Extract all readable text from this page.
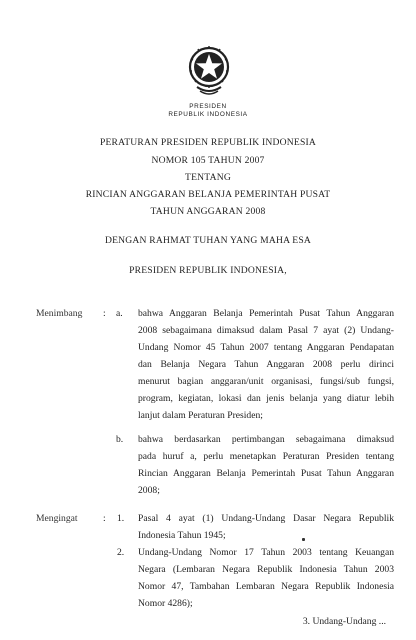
PRESIDEN
REPUBLIK INDONESIA
PERATURAN PRESIDEN REPUBLIK INDONESIA
NOMOR 105 TAHUN 2007
TENTANG
RINCIAN ANGGARAN BELANJA PEMERINTAH PUSAT
TAHUN ANGGARAN 2008
DENGAN RAHMAT TUHAN YANG MAHA ESA
PRESIDEN REPUBLIK INDONESIA,
Menimbang : a. bahwa Anggaran Belanja Pemerintah Pusat Tahun Anggaran
2008 sebagaimana dimaksud dalam Pasal 7 ayat (2) Undang-
Undang Nomor 45 Tahun 2007 tentang Anggaran Pendapatan
dan Belanja Negara Tahun Anggaran 2008 perlu dirinci
menurut bagian anggaran/unit organisasi, fungsi/sub fungsi,
program, kegiatan, lokasi dan jenis belanja yang diatur lebih
lanjut dalam Peraturan Presiden;
b. bahwa berdasarkan pertimbangan sebagaimana dimaksud
pada huruf a, perlu menetapkan Peraturan Presiden tentang
Rincian Anggaran Belanja Pemerintah Pusat Tahun Anggaran
2008;
Mengingat	: 1. Pasal 4 ayat (1) Undang-Undang Dasar Negara Republik
Indonesia Tahun 1945;
2. Undang-Undang Nomor 17 Tahun 2003 tentang Keuangan
Negara (Lembaran Negara Republik Indonesia Tahun 2003
Nomor 47, Tambahan Lembaran Negara Republik Indonesia
Nomor 4286);
3. Undang-Undang ...
